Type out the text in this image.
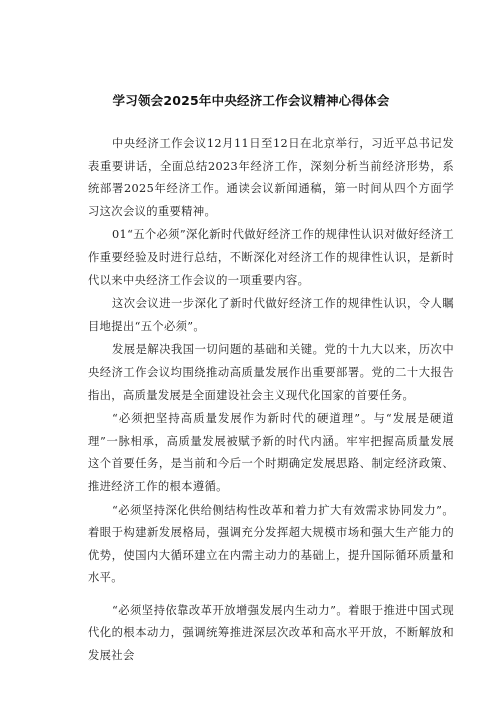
学习领会2025年中央经济工作会议精神心得体会

中央经济工作会议12月11日至12日在北京举行，习近平总书记发表重要讲话，全面总结2023年经济工作，深刻分析当前经济形势，系统部署2025年经济工作。通读会议新闻通稿，第一时间从四个方面学习这次会议的重要精神。

01“五个必须”深化新时代做好经济工作的规律性认识对做好经济工作重要经验及时进行总结，不断深化对经济工作的规律性认识，是新时代以来中央经济工作会议的一项重要内容。

这次会议进一步深化了新时代做好经济工作的规律性认识，令人瞩目地提出“五个必须”。

发展是解决我国一切问题的基础和关键。党的十九大以来，历次中央经济工作会议均围绕推动高质量发展作出重要部署。党的二十大报告指出，高质量发展是全面建设社会主义现代化国家的首要任务。

“必须把坚持高质量发展作为新时代的硬道理”。与“发展是硬道理”一脉相承，高质量发展被赋予新的时代内涵。牢牢把握高质量发展这个首要任务，是当前和今后一个时期确定发展思路、制定经济政策、推进经济工作的根本遵循。

“必须坚持深化供给侧结构性改革和着力扩大有效需求协同发力”。着眼于构建新发展格局，强调充分发挥超大规模市场和强大生产能力的优势，使国内大循环建立在内需主动力的基础上，提升国际循环质量和水平。

“必须坚持依靠改革开放增强发展内生动力”。着眼于推进中国式现代化的根本动力，强调统筹推进深层次改革和高水平开放，不断解放和发展社会
